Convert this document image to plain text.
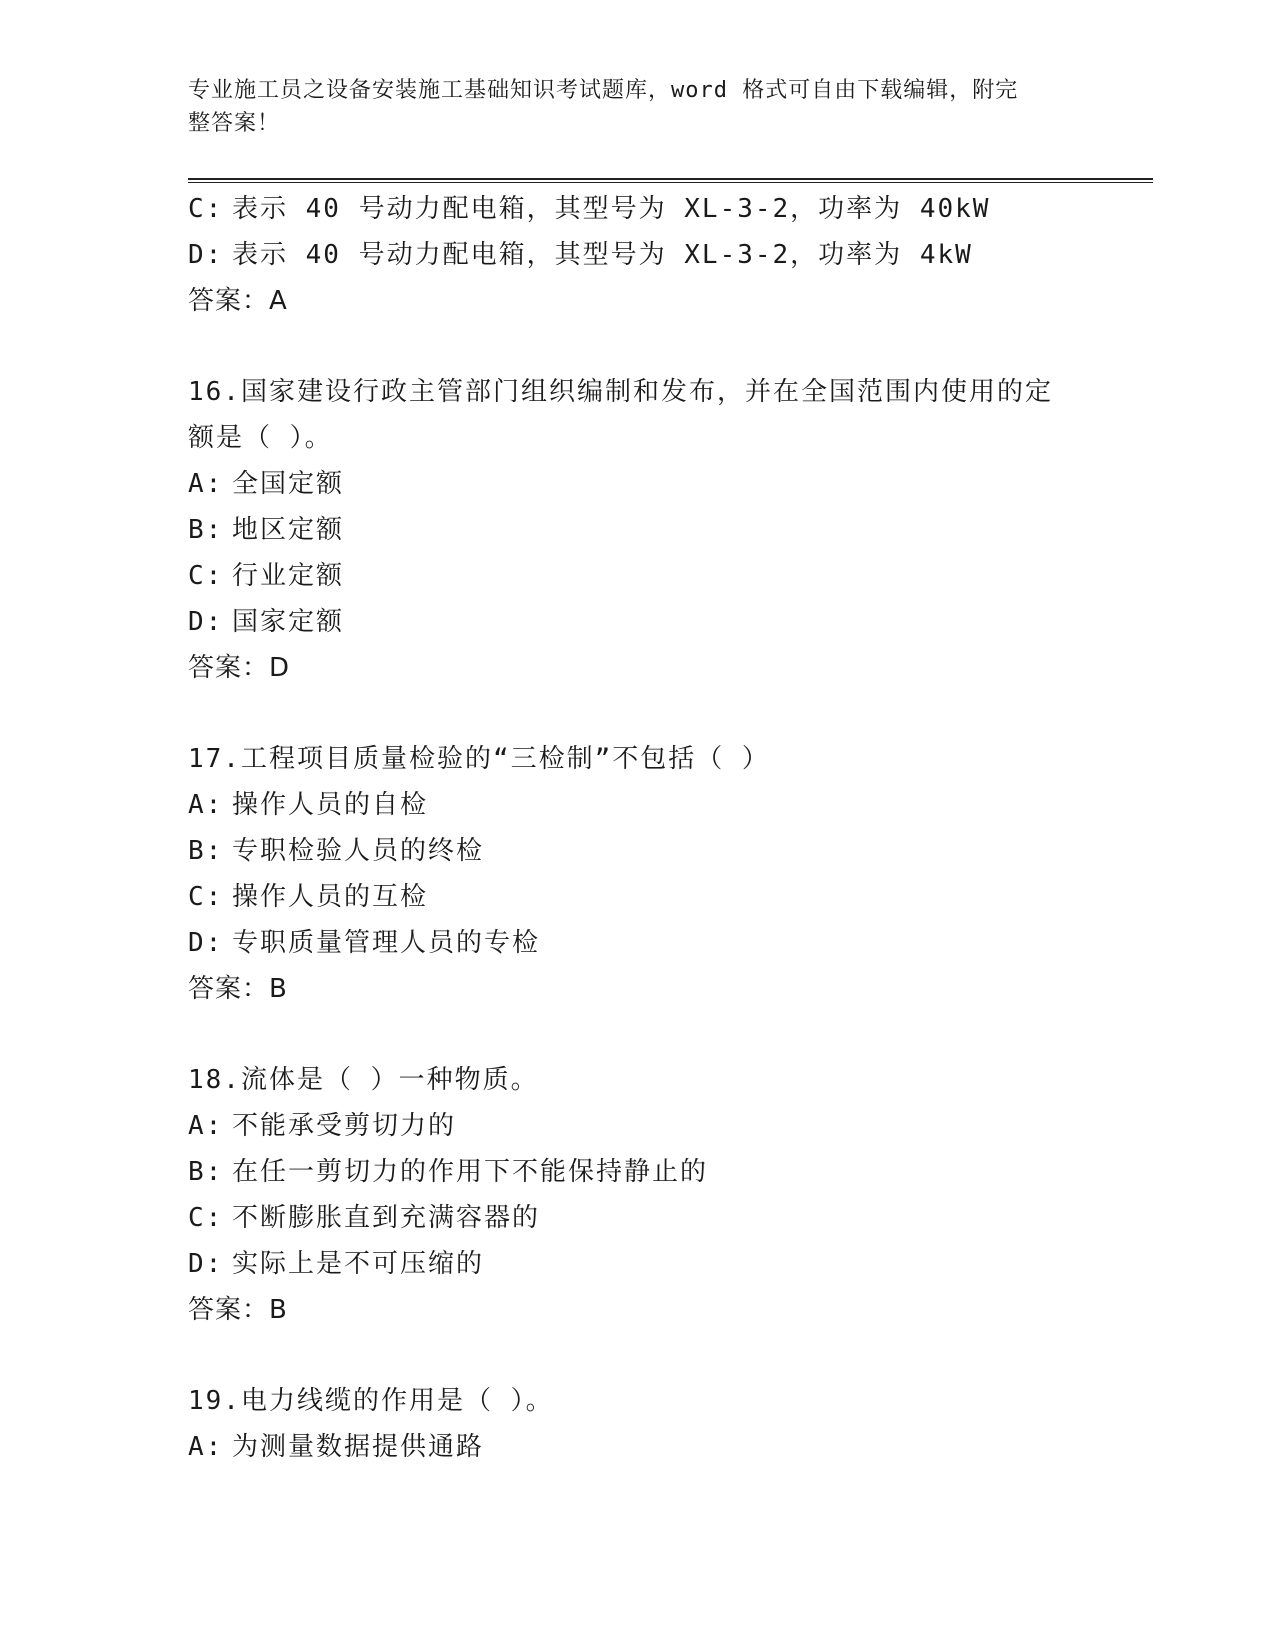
专业施工员之设备安装施工基础知识考试题库，word 格式可自由下载编辑，附完
整答案！
C: 表示 40 号动力配电箱，其型号为 XL-3-2，功率为 40kW
D: 表示 40 号动力配电箱，其型号为 XL-3-2，功率为 4kW
答案：A
16.国家建设行政主管部门组织编制和发布，并在全国范围内使用的定
额是（ ）。
A: 全国定额
B: 地区定额
C: 行业定额
D: 国家定额
答案：D
17.工程项目质量检验的“三检制”不包括（ ）
A: 操作人员的自检
B: 专职检验人员的终检
C: 操作人员的互检
D: 专职质量管理人员的专检
答案：B
18.流体是（ ）一种物质。
A: 不能承受剪切力的
B: 在任一剪切力的作用下不能保持静止的
C: 不断膨胀直到充满容器的
D: 实际上是不可压缩的
答案：B
19.电力线缆的作用是（ ）。
A: 为测量数据提供通路
